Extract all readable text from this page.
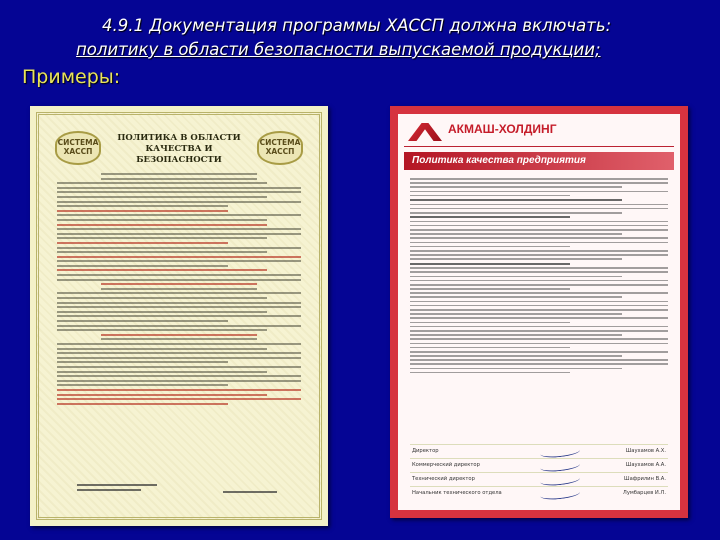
4.9.1 Документация программы ХАССП должна включать:
политику в области безопасности выпускаемой продукции;
Примеры:
СИСТЕМА ХАССП
СИСТЕМА ХАССП
ПОЛИТИКА В ОБЛАСТИ КАЧЕСТВА И БЕЗОПАСНОСТИ
АКМАШ-ХОЛДИНГ
Политика качества предприятия
Директор	Шаухамов А.Х.
Коммерческий директор	Шаухамов А.А.
Технический директор	Шафрилин В.А.
Начальник технического отдела	Лумбарцев И.Л.
